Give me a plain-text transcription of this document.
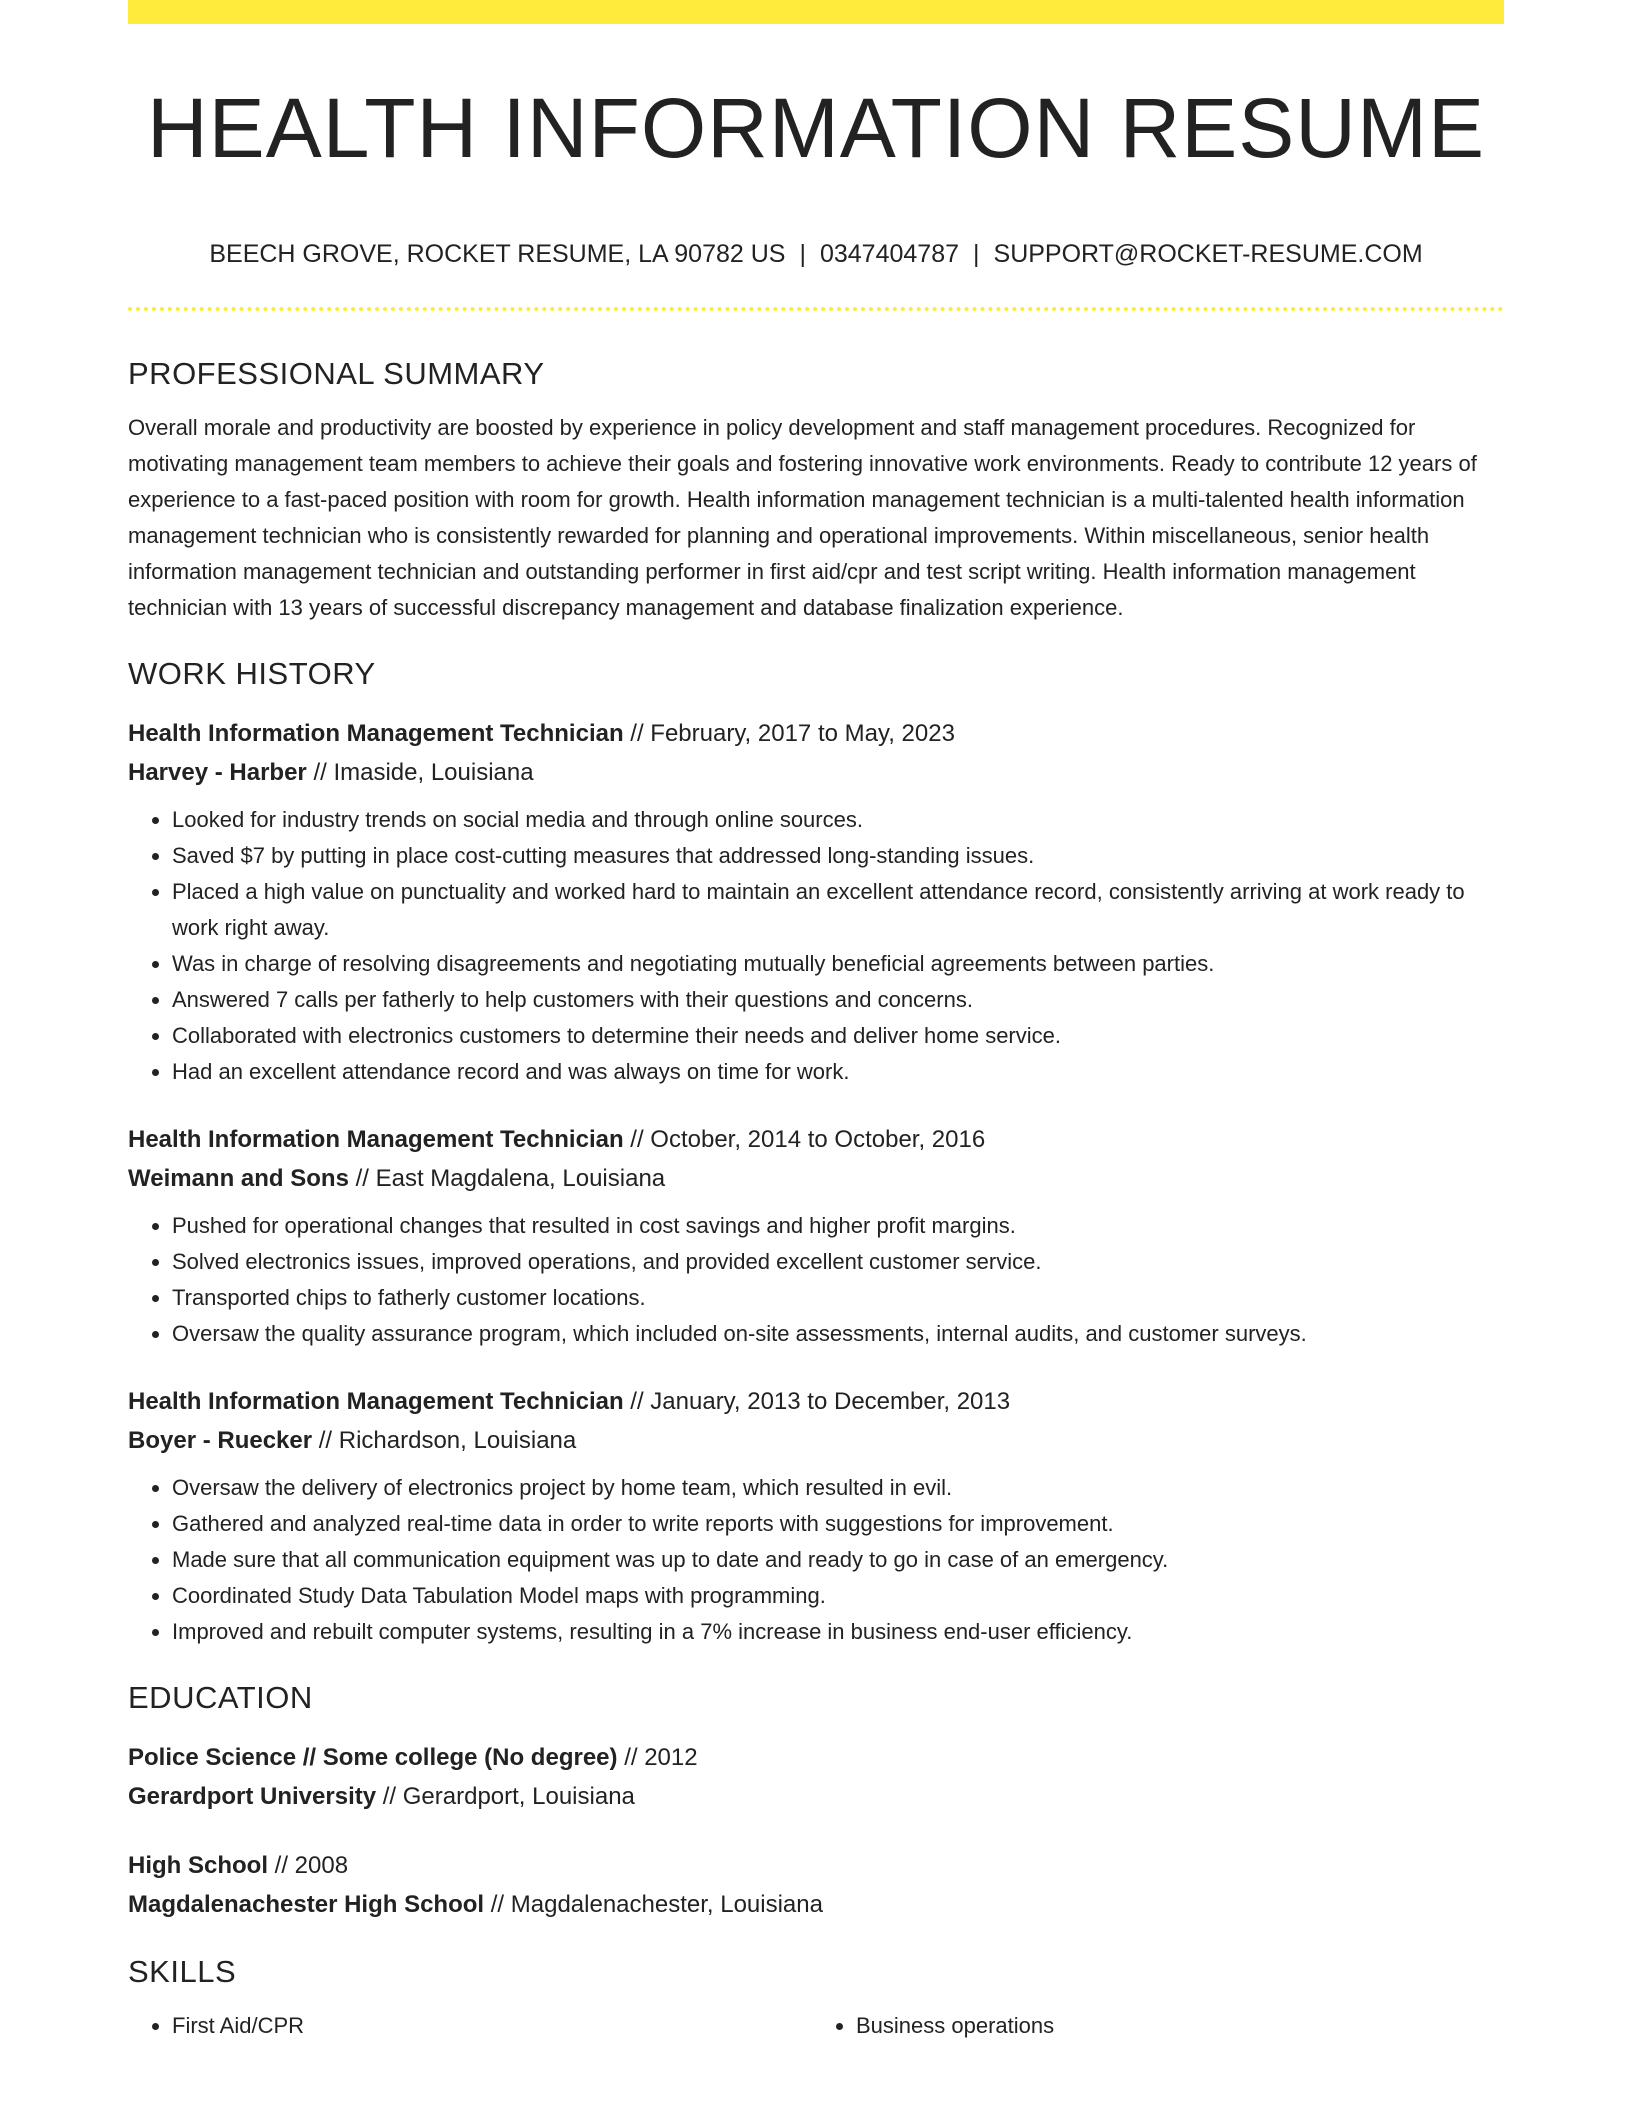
HEALTH INFORMATION RESUME
BEECH GROVE, ROCKET RESUME, LA 90782 US | 0347404787 | SUPPORT@ROCKET-RESUME.COM
PROFESSIONAL SUMMARY

Overall morale and productivity are boosted by experience in policy development and staff management procedures. Recognized for motivating management team members to achieve their goals and fostering innovative work environments. Ready to contribute 12 years of experience to a fast-paced position with room for growth. Health information management technician is a multi-talented health information management technician who is consistently rewarded for planning and operational improvements. Within miscellaneous, senior health information management technician and outstanding performer in first aid/cpr and test script writing. Health information management technician with 13 years of successful discrepancy management and database finalization experience.

WORK HISTORY

Health Information Management Technician // February, 2017 to May, 2023

Harvey - Harber // Imaside, Louisiana

• Looked for industry trends on social media and through online sources.
• Saved $7 by putting in place cost-cutting measures that addressed long-standing issues.
• Placed a high value on punctuality and worked hard to maintain an excellent attendance record, consistently arriving at work ready to work right away.
• Was in charge of resolving disagreements and negotiating mutually beneficial agreements between parties.
• Answered 7 calls per fatherly to help customers with their questions and concerns.
• Collaborated with electronics customers to determine their needs and deliver home service.
• Had an excellent attendance record and was always on time for work.

Health Information Management Technician // October, 2014 to October, 2016

Weimann and Sons // East Magdalena, Louisiana

• Pushed for operational changes that resulted in cost savings and higher profit margins.
• Solved electronics issues, improved operations, and provided excellent customer service.
• Transported chips to fatherly customer locations.
• Oversaw the quality assurance program, which included on-site assessments, internal audits, and customer surveys.

Health Information Management Technician // January, 2013 to December, 2013

Boyer - Ruecker // Richardson, Louisiana

• Oversaw the delivery of electronics project by home team, which resulted in evil.
• Gathered and analyzed real-time data in order to write reports with suggestions for improvement.
• Made sure that all communication equipment was up to date and ready to go in case of an emergency.
• Coordinated Study Data Tabulation Model maps with programming.
• Improved and rebuilt computer systems, resulting in a 7% increase in business end-user efficiency.
EDUCATION

Police Science // Some college (No degree) // 2012

Gerardport University // Gerardport, Louisiana

High School // 2008

Magdalenachester High School // Magdalenachester, Louisiana

SKILLS
• First Aid/CPR
•	Business operations
